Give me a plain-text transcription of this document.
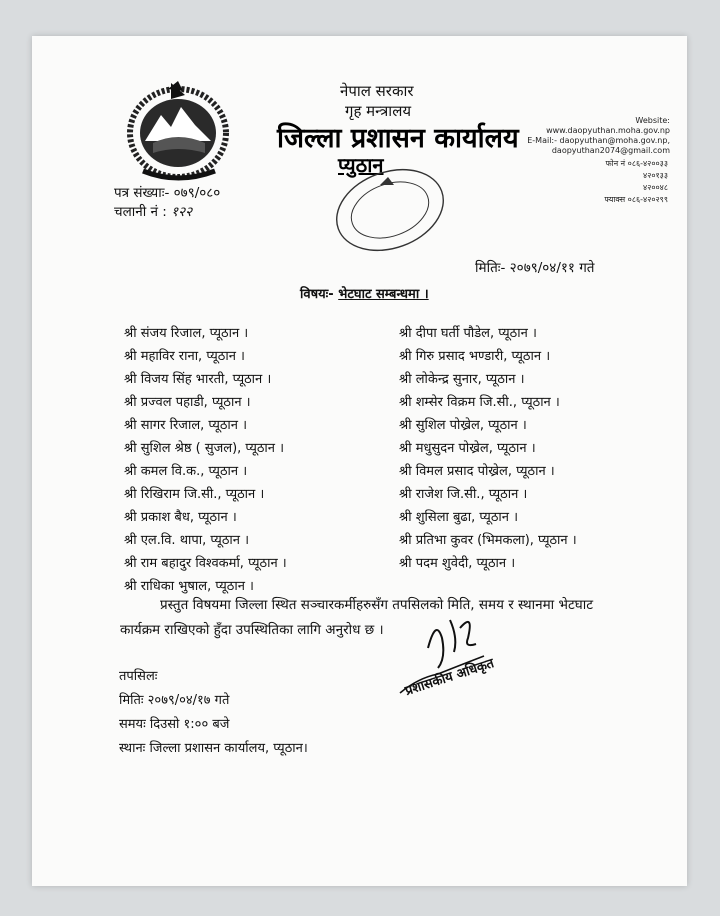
नेपाल सरकार
गृह मन्त्रालय
जिल्ला प्रशासन कार्यालय
प्युठान
Website: www.daopyuthan.moha.gov.np
E-Mail:- daopyuthan@moha.gov.np,
daopyuthan2074@gmail.com
फोन नं ०८६-४२००३३
४२०१३३
४२००४८
फ्याक्स ०८६-४२०२९९
पत्र संख्याः- ०७९/०८०
चलानी नं : १२२
मितिः- २०७९/०४/११ गते
विषयः- भेटघाट सम्बन्धमा ।
श्री संजय रिजाल, प्यूठान ।
श्री महाविर राना, प्यूठान ।
श्री विजय सिंह भारती, प्यूठान ।
श्री प्रज्वल पहाडी, प्यूठान ।
श्री सागर रिजाल, प्यूठान ।
श्री सुशिल श्रेष्ठ ( सुजल), प्यूठान ।
श्री कमल वि.क., प्यूठान ।
श्री रिखिराम जि.सी., प्यूठान ।
श्री प्रकाश बैध, प्यूठान ।
श्री एल.वि. थापा, प्यूठान ।
श्री राम बहादुर विश्वकर्मा, प्यूठान ।
श्री राधिका भुषाल, प्यूठान ।
श्री दीपा घर्ती पौडेल, प्यूठान ।
श्री गिरु प्रसाद भण्डारी, प्यूठान ।
श्री लोकेन्द्र सुनार, प्यूठान ।
श्री शम्सेर विक्रम जि.सी., प्यूठान ।
श्री सुशिल पोख्रेल, प्यूठान ।
श्री मधुसुदन पोख्रेल, प्यूठान ।
श्री विमल प्रसाद पोख्रेल, प्यूठान ।
श्री राजेश जि.सी., प्यूठान ।
श्री शुसिला बुढा, प्यूठान ।
श्री प्रतिभा कुवर (भिमकला), प्यूठान ।
श्री पदम शुवेदी, प्यूठान ।
प्रस्तुत विषयमा जिल्ला स्थित सञ्चारकर्मीहरुसँग तपसिलको मिति, समय र स्थानमा भेटघाट
कार्यक्रम राखिएको हुँदा उपस्थितिका लागि अनुरोध छ ।
तपसिलः
मितिः २०७९/०४/१७ गते
समयः दिउसो १:०० बजे
स्थानः जिल्ला प्रशासन कार्यालय, प्यूठान।
प्रशासकीय अधिकृत
